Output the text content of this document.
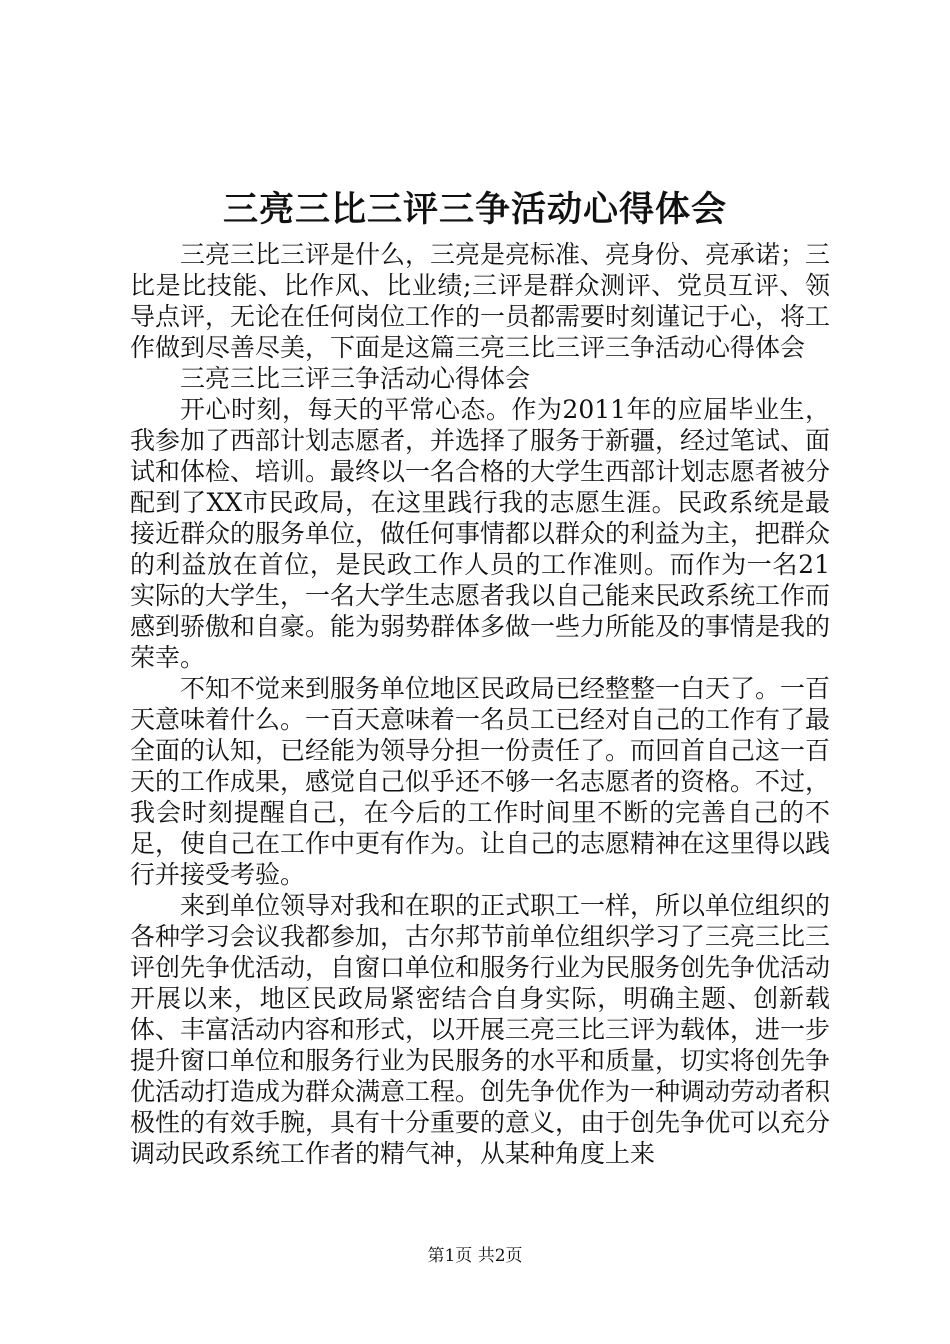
三亮三比三评三争活动心得体会

三亮三比三评是什么，三亮是亮标准、亮身份、亮承诺；三比是比技能、比作风、比业绩;三评是群众测评、党员互评、领导点评，无论在任何岗位工作的一员都需要时刻谨记于心，将工作做到尽善尽美，下面是这篇三亮三比三评三争活动心得体会

三亮三比三评三争活动心得体会

开心时刻，每天的平常心态。作为2011年的应届毕业生，我参加了西部计划志愿者，并选择了服务于新疆，经过笔试、面试和体检、培训。最终以一名合格的大学生西部计划志愿者被分配到了XX市民政局，在这里践行我的志愿生涯。民政系统是最接近群众的服务单位，做任何事情都以群众的利益为主，把群众的利益放在首位，是民政工作人员的工作准则。而作为一名21实际的大学生，一名大学生志愿者我以自己能来民政系统工作而感到骄傲和自豪。能为弱势群体多做一些力所能及的事情是我的荣幸。

不知不觉来到服务单位地区民政局已经整整一白天了。一百天意味着什么。一百天意味着一名员工已经对自己的工作有了最全面的认知，已经能为领导分担一份责任了。而回首自己这一百天的工作成果，感觉自己似乎还不够一名志愿者的资格。不过，我会时刻提醒自己，在今后的工作时间里不断的完善自己的不足，使自己在工作中更有作为。让自己的志愿精神在这里得以践行并接受考验。

来到单位领导对我和在职的正式职工一样，所以单位组织的各种学习会议我都参加，古尔邦节前单位组织学习了三亮三比三评创先争优活动，自窗口单位和服务行业为民服务创先争优活动开展以来，地区民政局紧密结合自身实际，明确主题、创新载体、丰富活动内容和形式，以开展三亮三比三评为载体，进一步提升窗口单位和服务行业为民服务的水平和质量，切实将创先争优活动打造成为群众满意工程。创先争优作为一种调动劳动者积极性的有效手腕，具有十分重要的意义，由于创先争优可以充分调动民政系统工作者的精气神，从某种角度上来

第1页 共2页
